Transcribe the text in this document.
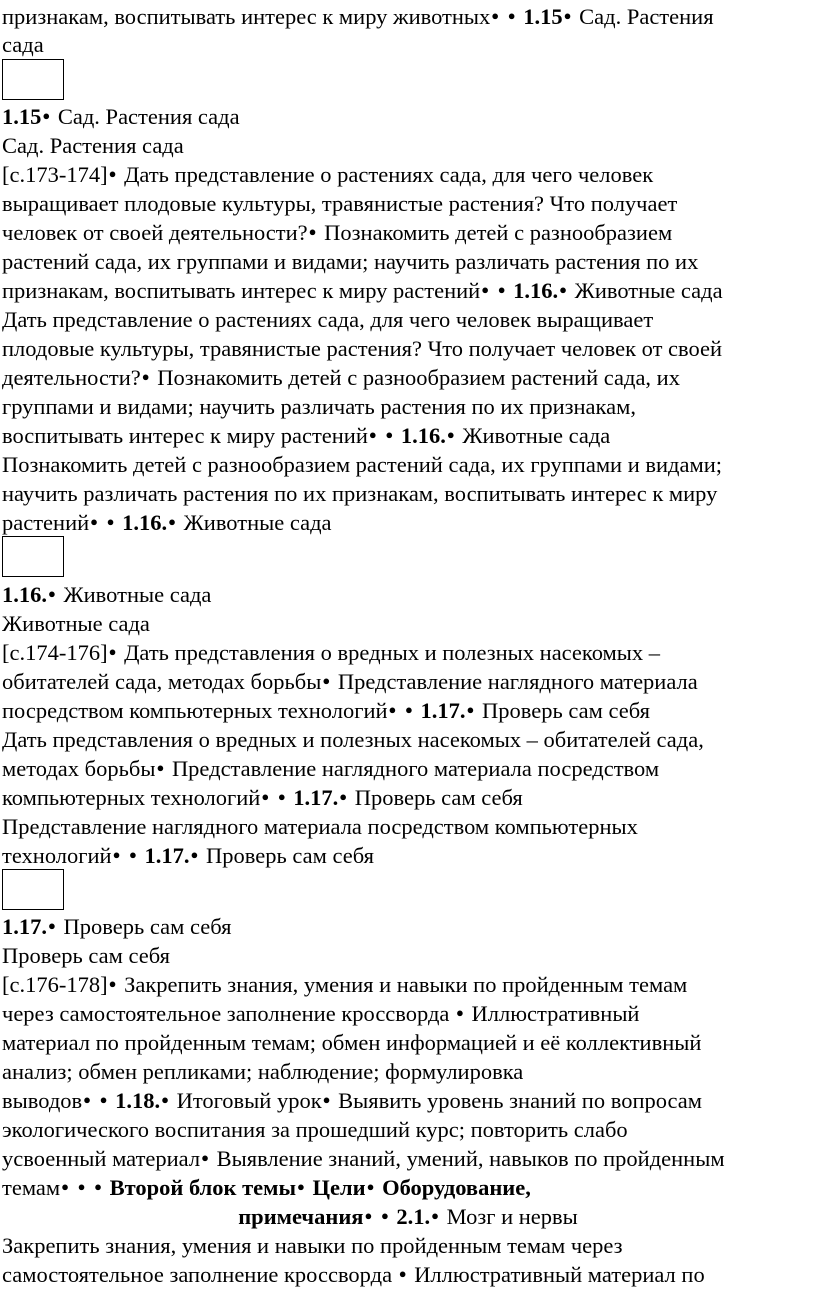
признакам, воспитывать интерес к миру животных ● ● 1.15● Сад. Растения
сада
1.15● Сад. Растения сада
Сад. Растения сада
[с.173-174]● Дать представление о растениях сада, для чего человек
выращивает плодовые культуры, травянистые растения? Что получает
человек от своей деятельности?● Познакомить детей с разнообразием
растений сада, их группами и видами; научить различать растения по их
признакам, воспитывать интерес к миру растений ● ● 1.16.● Животные сада
Дать представление о растениях сада, для чего человек выращивает
плодовые культуры, травянистые растения? Что получает человек от своей
деятельности?● Познакомить детей с разнообразием растений сада, их
группами и видами; научить различать растения по их признакам,
воспитывать интерес к миру растений ● ● 1.16.● Животные сада
Познакомить детей с разнообразием растений сада, их группами и видами;
научить различать растения по их признакам, воспитывать интерес к миру
растений ● ● 1.16.● Животные сада
1.16.● Животные сада
Животные сада
[с.174-176]● Дать представления о вредных и полезных насекомых –
обитателей сада, методах борьбы● Представление наглядного материала
посредством компьютерных технологий ● ● 1.17.● Проверь сам себя
Дать представления о вредных и полезных насекомых – обитателей сада,
методах борьбы● Представление наглядного материала посредством
компьютерных технологий ● ● 1.17.● Проверь сам себя
Представление наглядного материала посредством компьютерных
технологий ● ● 1.17.● Проверь сам себя
1.17.● Проверь сам себя
Проверь сам себя
[с.176-178]● Закрепить знания, умения и навыки по пройденным темам
через самостоятельное заполнение кроссворда ● Иллюстративный
материал по пройденным темам; обмен информацией и её коллективный
анализ; обмен репликами; наблюдение; формулировка
выводов ● ● 1.18.● Итоговый урок● Выявить уровень знаний по вопросам
экологического воспитания за прошедший курс; повторить слабо
усвоенный материал● Выявление знаний, умений, навыков по пройденным
темам ● ● ● Второй блок темы ● Цели ● Оборудование,
примечания ● ● 2.1.● Мозг и нервы
Закрепить знания, умения и навыки по пройденным темам через
самостоятельное заполнение кроссворда ● Иллюстративный материал по
